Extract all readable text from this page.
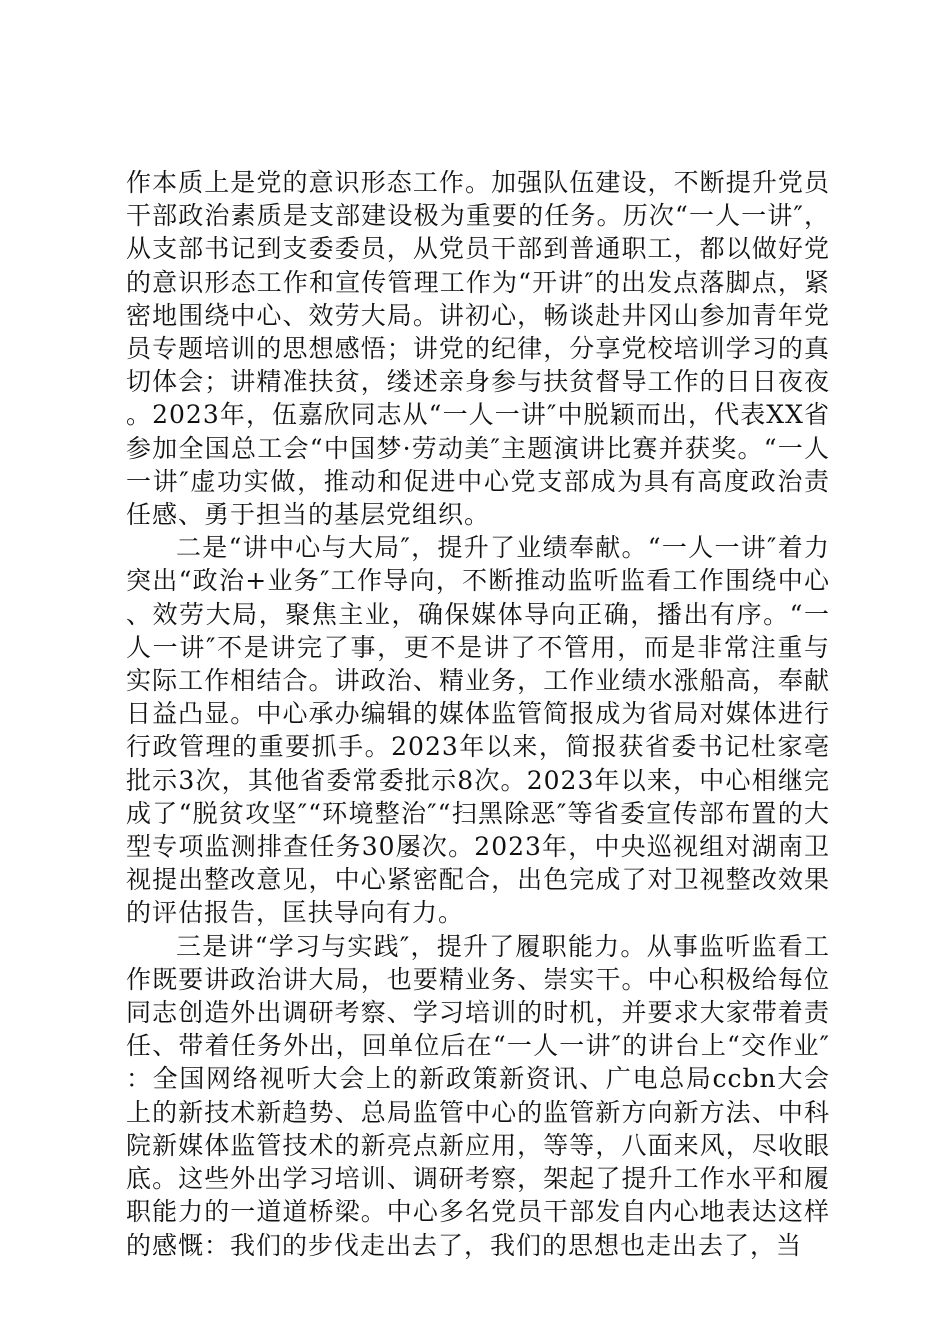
作本质上是党的意识形态工作。加强队伍建设，不断提升党员干部政治素质是支部建设极为重要的任务。历次“一人一讲″，从支部书记到支委委员，从党员干部到普通职工，都以做好党的意识形态工作和宣传管理工作为“开讲″的出发点落脚点，紧密地围绕中心、效劳大局。讲初心，畅谈赴井冈山参加青年党员专题培训的思想感悟；讲党的纪律，分享党校培训学习的真切体会；讲精准扶贫，缕述亲身参与扶贫督导工作的日日夜夜。2023年，伍嘉欣同志从“一人一讲″中脱颖而出，代表XX省参加全国总工会“中国梦·劳动美″主题演讲比赛并获奖。“一人一讲″虚功实做，推动和促进中心党支部成为具有高度政治责任感、勇于担当的基层党组织。

二是“讲中心与大局″，提升了业绩奉献。“一人一讲″着力突出“政治+业务″工作导向，不断推动监听监看工作围绕中心、效劳大局，聚焦主业，确保媒体导向正确，播出有序。“一人一讲″不是讲完了事，更不是讲了不管用，而是非常注重与实际工作相结合。讲政治、精业务，工作业绩水涨船高，奉献日益凸显。中心承办编辑的媒体监管简报成为省局对媒体进行行政管理的重要抓手。2023年以来，简报获省委书记杜家亳批示3次，其他省委常委批示8次。2023年以来，中心相继完成了“脱贫攻坚″“环境整治″“扫黑除恶″等省委宣传部布置的大型专项监测排查任务30屡次。2023年，中央巡视组对湖南卫视提出整改意见，中心紧密配合，出色完成了对卫视整改效果的评估报告，匡扶导向有力。

三是讲“学习与实践″，提升了履职能力。从事监听监看工作既要讲政治讲大局，也要精业务、崇实干。中心积极给每位同志创造外出调研考察、学习培训的时机，并要求大家带着责任、带着任务外出，回单位后在“一人一讲″的讲台上“交作业″：全国网络视听大会上的新政策新资讯、广电总局ccbn大会上的新技术新趋势、总局监管中心的监管新方向新方法、中科院新媒体监管技术的新亮点新应用，等等，八面来风，尽收眼底。这些外出学习培训、调研考察，架起了提升工作水平和履职能力的一道道桥梁。中心多名党员干部发自内心地表达这样的感慨：我们的步伐走出去了，我们的思想也走出去了，当
